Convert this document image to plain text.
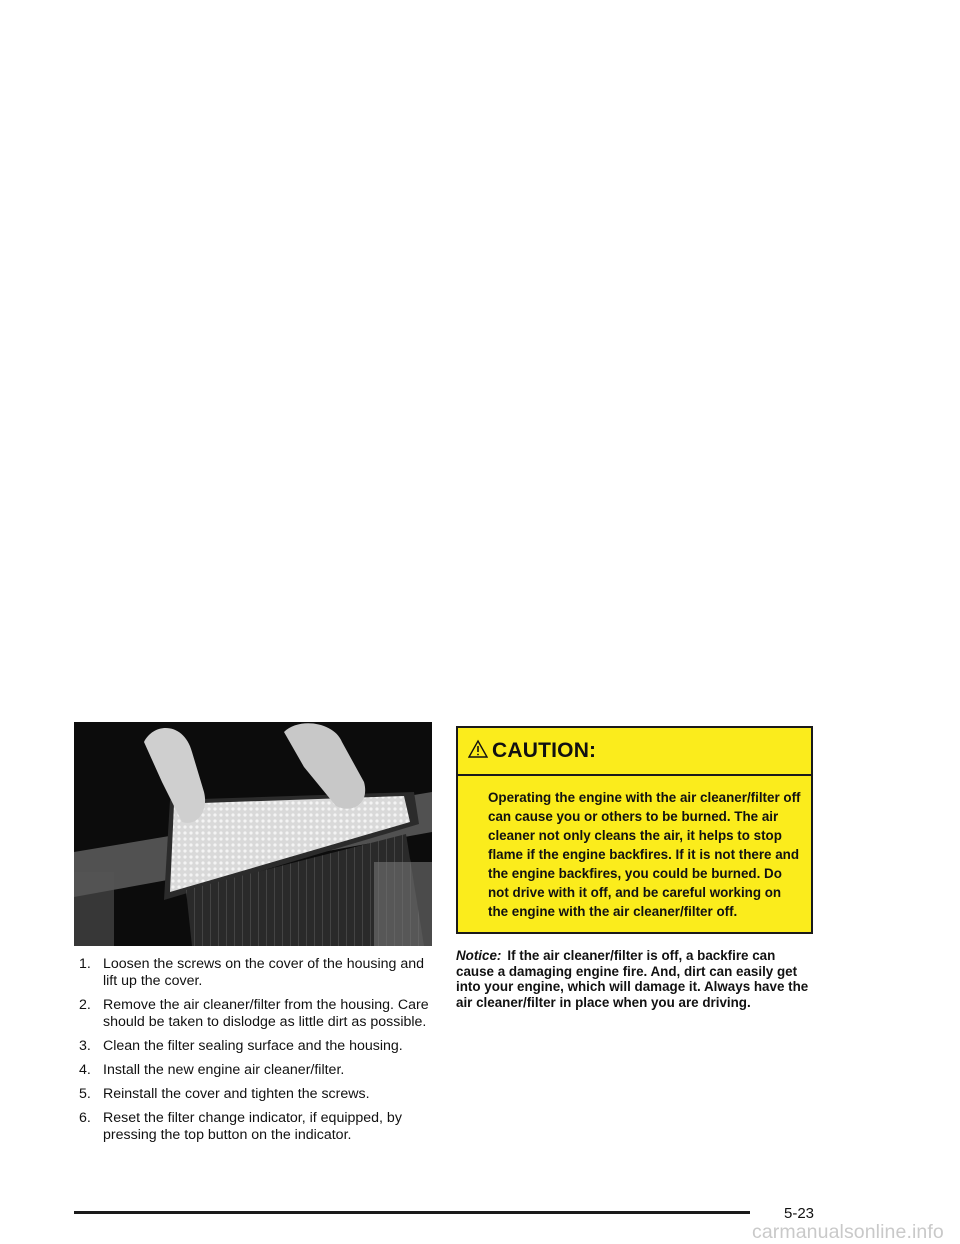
1. Loosen the screws on the cover of the housing and lift up the cover.
2. Remove the air cleaner/filter from the housing. Care should be taken to dislodge as little dirt as possible.
3. Clean the filter sealing surface and the housing.
4. Install the new engine air cleaner/filter.
5. Reinstall the cover and tighten the screws.
6. Reset the filter change indicator, if equipped, by pressing the top button on the indicator.
CAUTION:
Operating the engine with the air cleaner/filter off can cause you or others to be burned. The air cleaner not only cleans the air, it helps to stop flame if the engine backfires. If it is not there and the engine backfires, you could be burned. Do not drive with it off, and be careful working on the engine with the air cleaner/filter off.
Notice: If the air cleaner/filter is off, a backfire can cause a damaging engine fire. And, dirt can easily get into your engine, which will damage it. Always have the air cleaner/filter in place when you are driving.
5-23
carmanualsonline.info
